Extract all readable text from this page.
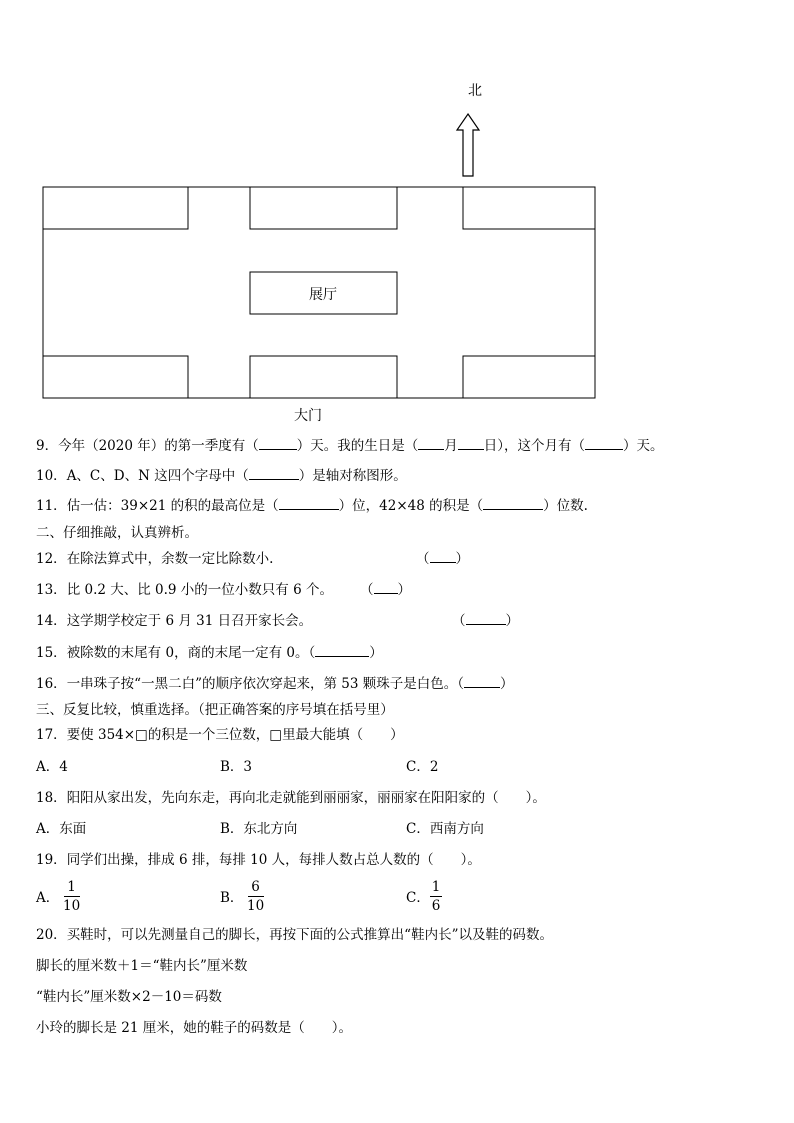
北
展厅
大门
9．今年（2020 年）的第一季度有（	）天。我的生日是（ 月 日），这个月有（	）天。
10．A、C、D、N 这四个字母中（	）是轴对称图形。
11．估一估：39×21 的积的最高位是（	）位，42×48 的积是（	）位数.
二、仔细推敲，认真辨析。
12．在除法算式中，余数一定比除数小.	（ ）
13．比 0.2 大、比 0.9 小的一位小数只有 6 个。 （ ）
14．这学期学校定于 6 月 31 日召开家长会。	（	）
15．被除数的末尾有 0，商的末尾一定有 0。（	）
16．一串珠子按“一黑二白”的顺序依次穿起来，第 53 颗珠子是白色。（	）
三、反复比较，慎重选择。（把正确答案的序号填在括号里）
17．要使 354×□的积是一个三位数，□里最大能填（　　）
A．4	B．3	C．2
18．阳阳从家出发，先向东走，再向北走就能到丽丽家，丽丽家在阳阳家的（　　）。
A．东面	B．东北方向	C．西南方向
19．同学们出操，排成 6 排，每排 10 人，每排人数占总人数的（　　）。
A．
1
10	B．
6
10	C．
1
6
20．买鞋时，可以先测量自己的脚长，再按下面的公式推算出“鞋内长”以及鞋的码数。
脚长的厘米数＋1＝“鞋内长”厘米数
“鞋内长”厘米数×2－10＝码数
小玲的脚长是 21 厘米，她的鞋子的码数是（　　）。
